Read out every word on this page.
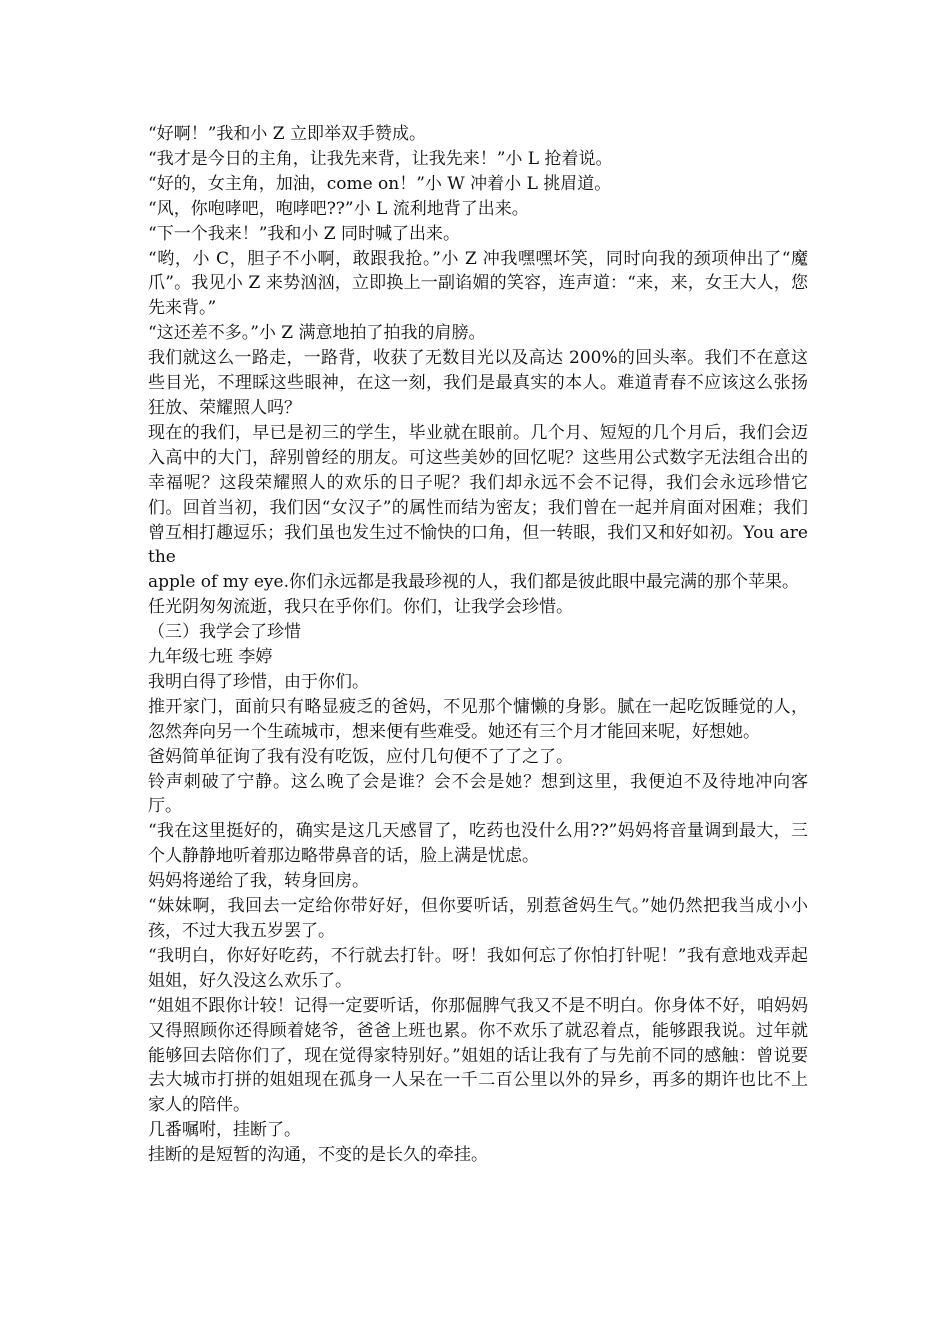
“好啊！”我和小 Z 立即举双手赞成。

“我才是今日的主角，让我先来背，让我先来！”小 L 抢着说。

“好的，女主角，加油，come on！”小 W 冲着小 L 挑眉道。

“风，你咆哮吧，咆哮吧??”小 L 流利地背了出来。

“下一个我来！”我和小 Z 同时喊了出来。

“哟，小 C，胆子不小啊，敢跟我抢。”小 Z 冲我嘿嘿坏笑，同时向我的颈项伸出了“魔爪”。我见小 Z 来势汹汹，立即换上一副谄媚的笑容，连声道：“来，来，女王大人，您先来背。”

“这还差不多。”小 Z 满意地拍了拍我的肩膀。

我们就这么一路走，一路背，收获了无数目光以及高达 200%的回头率。我们不在意这些目光，不理睬这些眼神，在这一刻，我们是最真实的本人。难道青春不应该这么张扬狂放、荣耀照人吗？

现在的我们，早已是初三的学生，毕业就在眼前。几个月、短短的几个月后，我们会迈入高中的大门，辞别曾经的朋友。可这些美妙的回忆呢？这些用公式数字无法组合出的幸福呢？这段荣耀照人的欢乐的日子呢？我们却永远不会不记得，我们会永远珍惜它们。回首当初，我们因“女汉子”的属性而结为密友；我们曾在一起并肩面对困难；我们曾互相打趣逗乐；我们虽也发生过不愉快的口角，但一转眼，我们又和好如初。You are the

apple of my eye.你们永远都是我最珍视的人，我们都是彼此眼中最完满的那个苹果。

任光阴匆匆流逝，我只在乎你们。你们，让我学会珍惜。

（三）我学会了珍惜

九年级七班 李婷

我明白得了珍惜，由于你们。

推开家门，面前只有略显疲乏的爸妈，不见那个慵懒的身影。腻在一起吃饭睡觉的人，忽然奔向另一个生疏城市，想来便有些难受。她还有三个月才能回来呢，好想她。

爸妈简单征询了我有没有吃饭，应付几句便不了了之了。

铃声刺破了宁静。这么晚了会是谁？会不会是她？想到这里，我便迫不及待地冲向客厅。

“我在这里挺好的，确实是这几天感冒了，吃药也没什么用??”妈妈将音量调到最大，三个人静静地听着那边略带鼻音的话，脸上满是忧虑。

妈妈将递给了我，转身回房。

“妹妹啊，我回去一定给你带好好，但你要听话，别惹爸妈生气。”她仍然把我当成小小孩，不过大我五岁罢了。

“我明白，你好好吃药，不行就去打针。呀！我如何忘了你怕打针呢！”我有意地戏弄起姐姐，好久没这么欢乐了。

“姐姐不跟你计较！记得一定要听话，你那倔脾气我又不是不明白。你身体不好，咱妈妈又得照顾你还得顾着姥爷，爸爸上班也累。你不欢乐了就忍着点，能够跟我说。过年就能够回去陪你们了，现在觉得家特别好。”姐姐的话让我有了与先前不同的感触：曾说要去大城市打拼的姐姐现在孤身一人呆在一千二百公里以外的异乡，再多的期许也比不上家人的陪伴。

几番嘱咐，挂断了。

挂断的是短暂的沟通，不变的是长久的牵挂。
